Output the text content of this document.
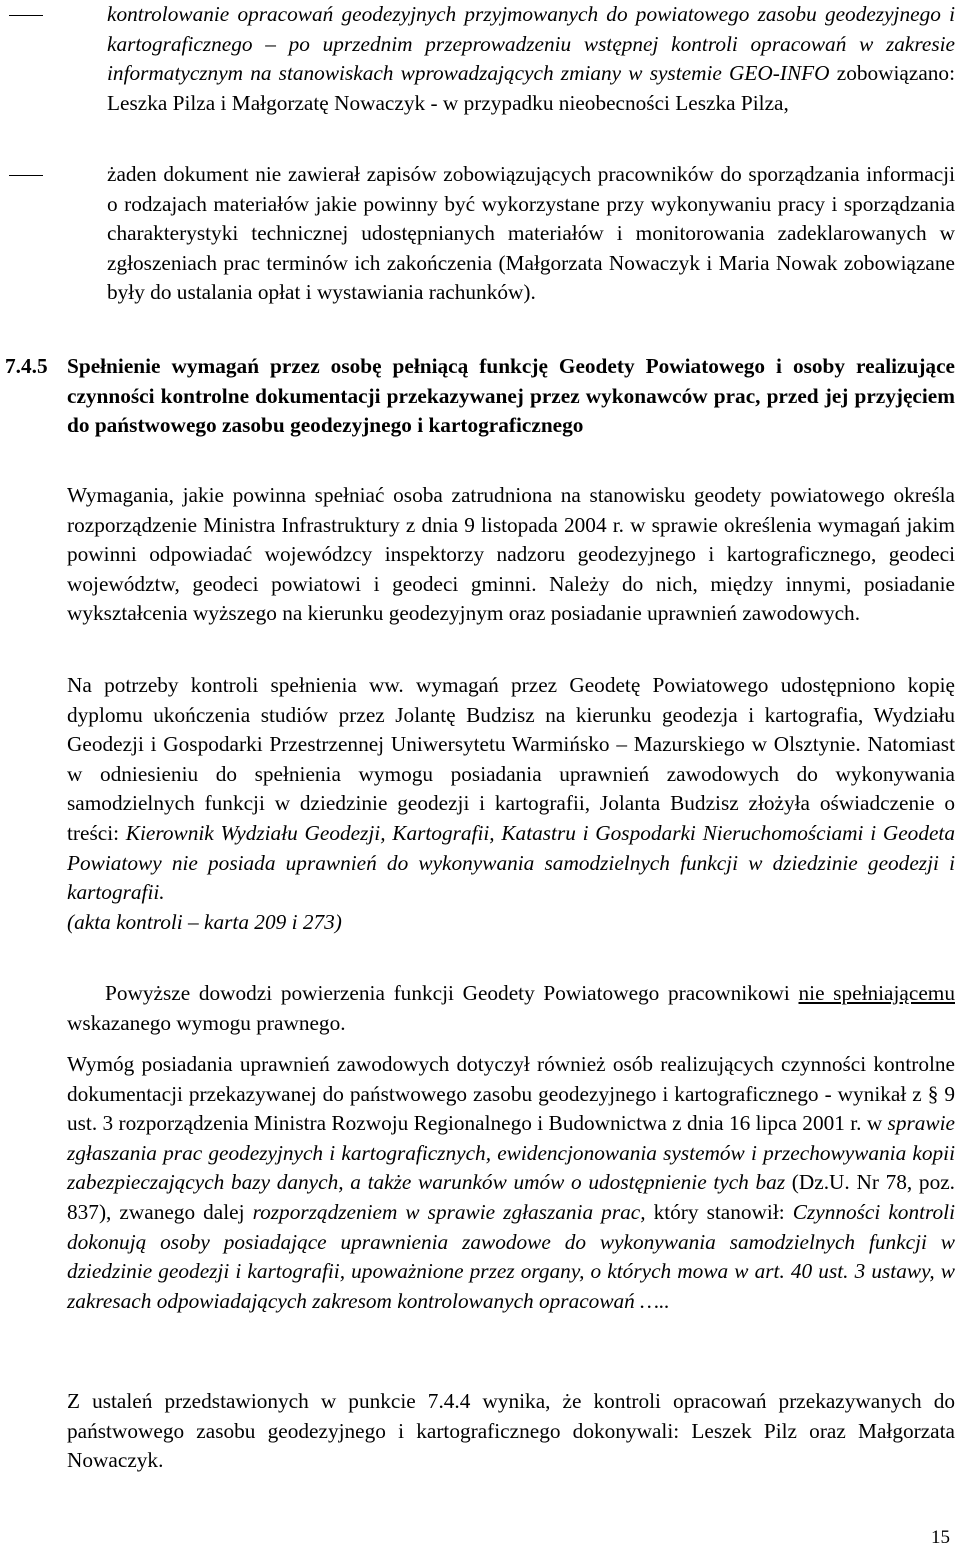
kontrolowanie opracowań geodezyjnych przyjmowanych do powiatowego zasobu geodezyjnego i kartograficznego – po uprzednim przeprowadzeniu wstępnej kontroli opracowań w zakresie informatycznym na stanowiskach wprowadzających zmiany w systemie GEO-INFO zobowiązano: Leszka Pilza i Małgorzatę Nowaczyk - w przypadku nieobecności Leszka Pilza,

żaden dokument nie zawierał zapisów zobowiązujących pracowników do sporządzania informacji o rodzajach materiałów jakie powinny być wykorzystane przy wykonywaniu pracy i sporządzania charakterystyki technicznej udostępnianych materiałów i monitorowania zadeklarowanych w zgłoszeniach prac terminów ich zakończenia (Małgorzata Nowaczyk i Maria Nowak zobowiązane były do ustalania opłat i wystawiania rachunków).

7.4.5 Spełnienie wymagań przez osobę pełniącą funkcję Geodety Powiatowego i osoby realizujące czynności kontrolne dokumentacji przekazywanej przez wykonawców prac, przed jej przyjęciem do państwowego zasobu geodezyjnego i kartograficznego

Wymagania, jakie powinna spełniać osoba zatrudniona na stanowisku geodety powiatowego określa rozporządzenie Ministra Infrastruktury z dnia 9 listopada 2004 r. w sprawie określenia wymagań jakim powinni odpowiadać wojewódzcy inspektorzy nadzoru geodezyjnego i kartograficznego, geodeci województw, geodeci powiatowi i geodeci gminni. Należy do nich, między innymi, posiadanie wykształcenia wyższego na kierunku geodezyjnym oraz posiadanie uprawnień zawodowych.

Na potrzeby kontroli spełnienia ww. wymagań przez Geodetę Powiatowego udostępniono kopię dyplomu ukończenia studiów przez Jolantę Budzisz na kierunku geodezja i kartografia, Wydziału Geodezji i Gospodarki Przestrzennej Uniwersytetu Warmińsko – Mazurskiego w Olsztynie. Natomiast w odniesieniu do spełnienia wymogu posiadania uprawnień zawodowych do wykonywania samodzielnych funkcji w dziedzinie geodezji i kartografii, Jolanta Budzisz złożyła oświadczenie o treści: Kierownik Wydziału Geodezji, Kartografii, Katastru i Gospodarki Nieruchomościami i Geodeta Powiatowy nie posiada uprawnień do wykonywania samodzielnych funkcji w dziedzinie geodezji i kartografii.
(akta kontroli – karta 209 i 273)

Powyższe dowodzi powierzenia funkcji Geodety Powiatowego pracownikowi nie spełniającemu wskazanego wymogu prawnego.

Wymóg posiadania uprawnień zawodowych dotyczył również osób realizujących czynności kontrolne dokumentacji przekazywanej do państwowego zasobu geodezyjnego i kartograficznego - wynikał z § 9 ust. 3 rozporządzenia Ministra Rozwoju Regionalnego i Budownictwa z dnia 16 lipca 2001 r. w sprawie zgłaszania prac geodezyjnych i kartograficznych, ewidencjonowania systemów i przechowywania kopii zabezpieczających bazy danych, a także warunków umów o udostępnienie tych baz (Dz.U. Nr 78, poz. 837), zwanego dalej rozporządzeniem w sprawie zgłaszania prac, który stanowił: Czynności kontroli dokonują osoby posiadające uprawnienia zawodowe do wykonywania samodzielnych funkcji w dziedzinie geodezji i kartografii, upoważnione przez organy, o których mowa w art. 40 ust. 3 ustawy, w zakresach odpowiadających zakresom kontrolowanych opracowań …..

Z ustaleń przedstawionych w punkcie 7.4.4 wynika, że kontroli opracowań przekazywanych do państwowego zasobu geodezyjnego i kartograficznego dokonywali: Leszek Pilz oraz Małgorzata Nowaczyk.

15
